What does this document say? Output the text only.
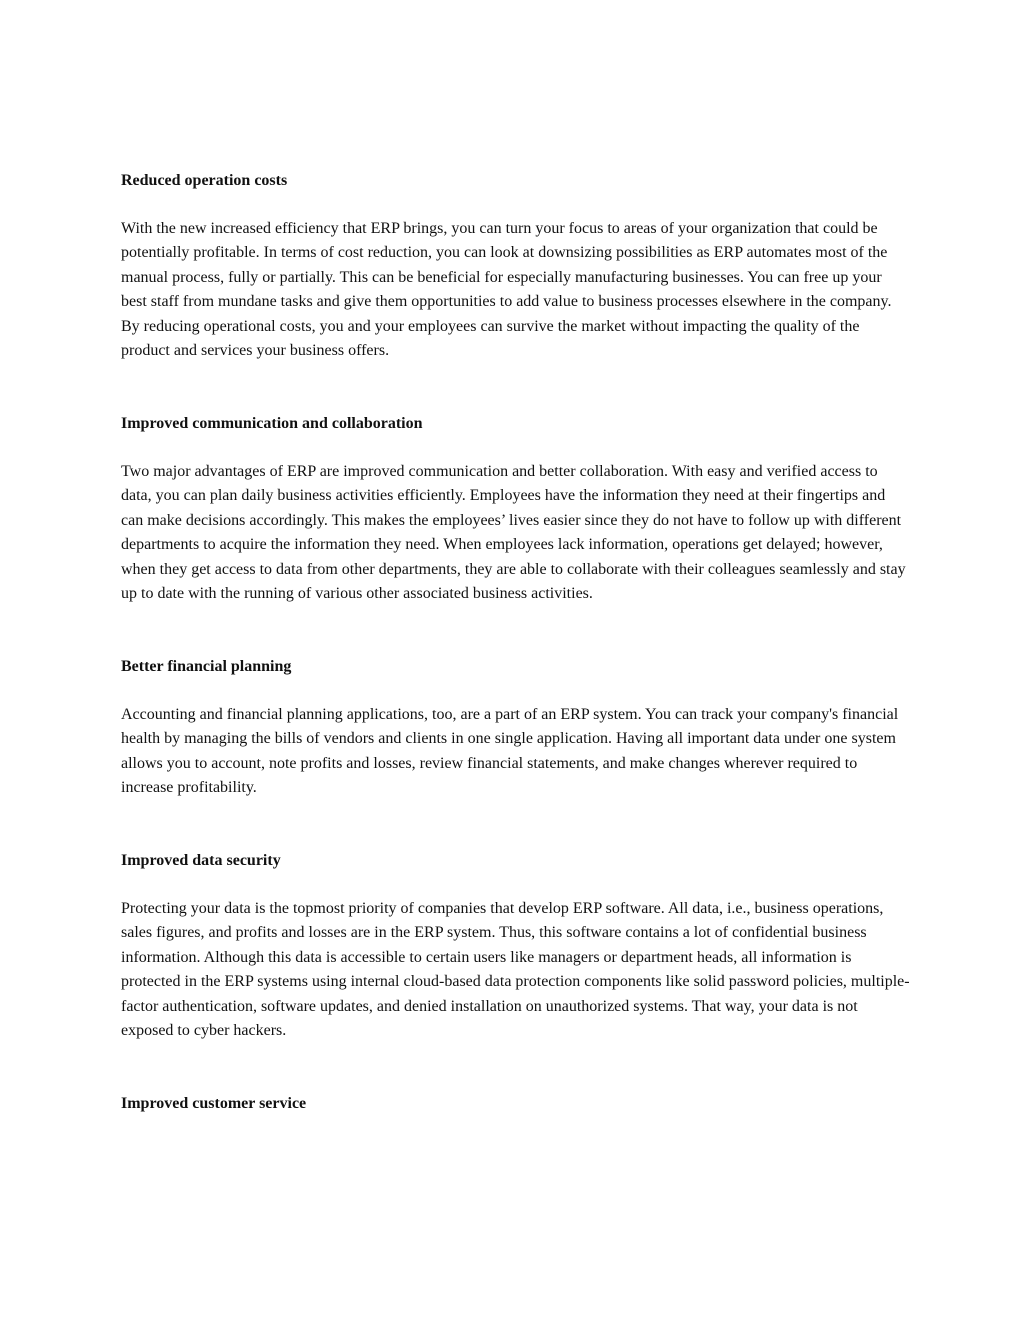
Reduced operation costs

With the new increased efficiency that ERP brings, you can turn your focus to areas of your organization that could be potentially profitable. In terms of cost reduction, you can look at downsizing possibilities as ERP automates most of the manual process, fully or partially. This can be beneficial for especially manufacturing businesses. You can free up your best staff from mundane tasks and give them opportunities to add value to business processes elsewhere in the company. By reducing operational costs, you and your employees can survive the market without impacting the quality of the product and services your business offers.

Improved communication and collaboration

Two major advantages of ERP are improved communication and better collaboration. With easy and verified access to data, you can plan daily business activities efficiently. Employees have the information they need at their fingertips and can make decisions accordingly. This makes the employees’ lives easier since they do not have to follow up with different departments to acquire the information they need. When employees lack information, operations get delayed; however, when they get access to data from other departments, they are able to collaborate with their colleagues seamlessly and stay up to date with the running of various other associated business activities.

Better financial planning

Accounting and financial planning applications, too, are a part of an ERP system. You can track your company's financial health by managing the bills of vendors and clients in one single application. Having all important data under one system allows you to account, note profits and losses, review financial statements, and make changes wherever required to increase profitability.

Improved data security

Protecting your data is the topmost priority of companies that develop ERP software. All data, i.e., business operations, sales figures, and profits and losses are in the ERP system. Thus, this software contains a lot of confidential business information. Although this data is accessible to certain users like managers or department heads, all information is protected in the ERP systems using internal cloud-based data protection components like solid password policies, multiple-factor authentication, software updates, and denied installation on unauthorized systems. That way, your data is not exposed to cyber hackers.

Improved customer service
